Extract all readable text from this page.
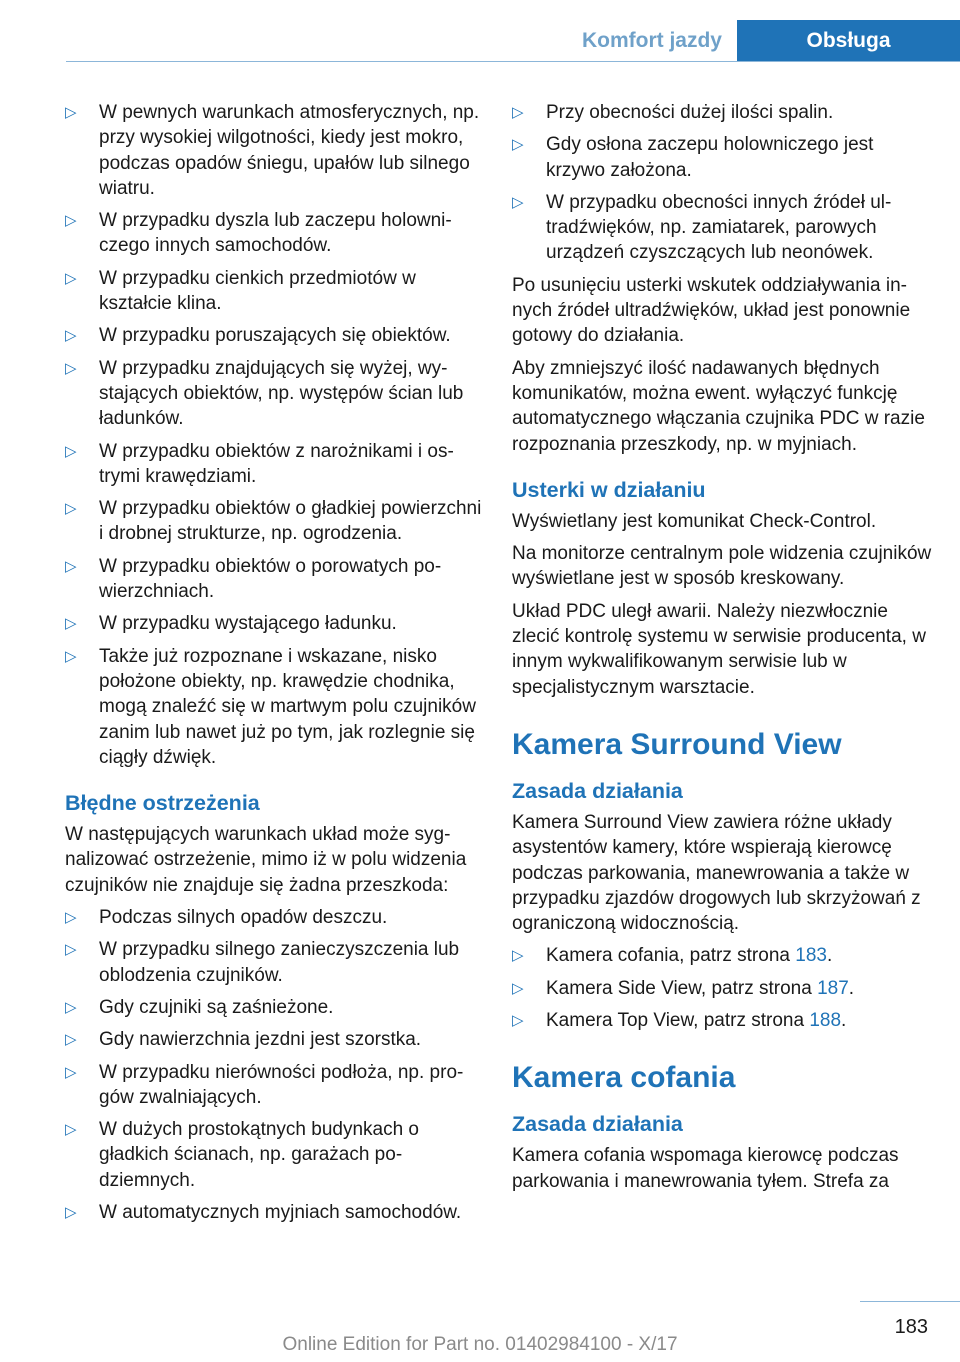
Komfort jazdy	Obsługa
▷ W pewnych warunkach atmosferycznych, np. przy wysokiej wilgotności, kiedy jest mokro, podczas opadów śniegu, upałów lub silnego wiatru.
▷ W przypadku dyszla lub zaczepu holowniczego innych samochodów.
▷ W przypadku cienkich przedmiotów w kształcie klina.
▷ W przypadku poruszających się obiektów.
▷ W przypadku znajdujących się wyżej, wystających obiektów, np. występów ścian lub ładunków.
▷ W przypadku obiektów z narożnikami i ostrymi krawędziami.
▷ W przypadku obiektów o gładkiej powierzchni i drobnej strukturze, np. ogrodzenia.
▷ W przypadku obiektów o porowatych powierzchniach.
▷ W przypadku wystającego ładunku.
▷ Także już rozpoznane i wskazane, nisko położone obiekty, np. krawędzie chodnika, mogą znaleźć się w martwym polu czujników zanim lub nawet już po tym, jak rozlegnie się ciągły dźwięk.
Błędne ostrzeżenia

W następujących warunkach układ może sygnalizować ostrzeżenie, mimo iż w polu widzenia czujników nie znajduje się żadna przeszkoda:

▷ Podczas silnych opadów deszczu.
▷ W przypadku silnego zanieczyszczenia lub oblodzenia czujników.
▷ Gdy czujniki są zaśnieżone.
▷ Gdy nawierzchnia jezdni jest szorstka.
▷ W przypadku nierówności podłoża, np. progów zwalniających.
▷ W dużych prostokątnych budynkach o gładkich ścianach, np. garażach podziemnych.
▷ W automatycznych myjniach samochodów.
▷ Przy obecności dużej ilości spalin.
▷ Gdy osłona zaczepu holowniczego jest krzywo założona.
▷ W przypadku obecności innych źródeł ultradźwięków, np. zamiatarek, parowych urządzeń czyszczących lub neonówek.

Po usunięciu usterki wskutek oddziaływania innych źródeł ultradźwięków, układ jest ponownie gotowy do działania.

Aby zmniejszyć ilość nadawanych błędnych komunikatów, można ewent. wyłączyć funkcję automatycznego włączania czujnika PDC w razie rozpoznania przeszkody, np. w myjniach.

Usterki w działaniu

Wyświetlany jest komunikat Check-Control.

Na monitorze centralnym pole widzenia czujników wyświetlane jest w sposób kreskowany.

Układ PDC uległ awarii. Należy niezwłocznie zlecić kontrolę systemu w serwisie producenta, w innym wykwalifikowanym serwisie lub w specjalistycznym warsztacie.

Kamera Surround View
Zasada działania

Kamera Surround View zawiera różne układy asystentów kamery, które wspierają kierowcę podczas parkowania, manewrowania a także w przypadku zjazdów drogowych lub skrzyżowań z ograniczoną widocznością.

▷ Kamera cofania, patrz strona 183.
▷ Kamera Side View, patrz strona 187.
▷ Kamera Top View, patrz strona 188.
Kamera cofania
Zasada działania

Kamera cofania wspomaga kierowcę podczas parkowania i manewrowania tyłem. Strefa za

183
Online Edition for Part no. 01402984100 - X/17
